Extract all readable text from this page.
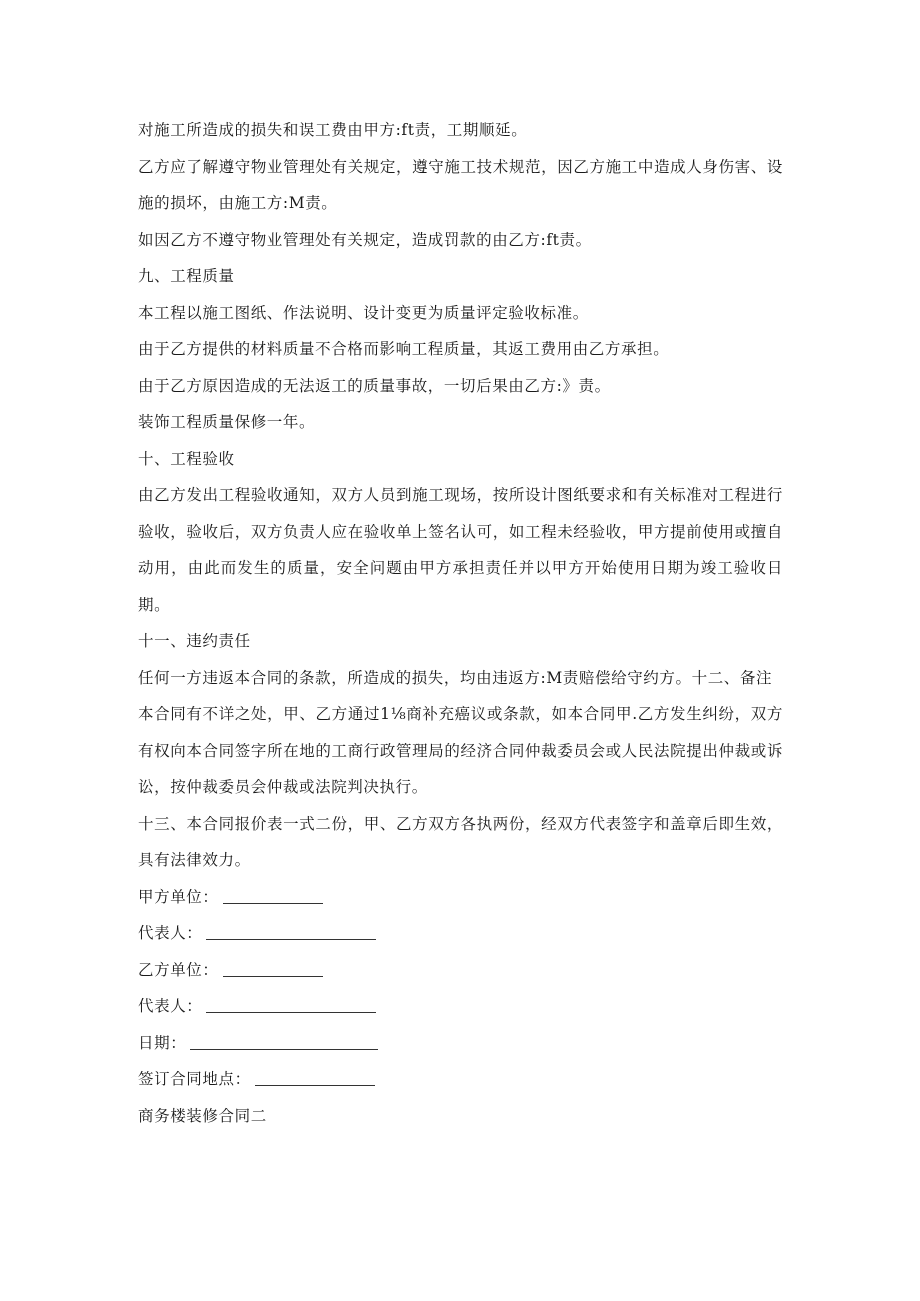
对施工所造成的损失和误工费由甲方:ft责，工期顺延。

乙方应了解遵守物业管理处有关规定，遵守施工技术规范，因乙方施工中造成人身伤害、设施的损坏，由施工方:M责。

如因乙方不遵守物业管理处有关规定，造成罚款的由乙方:ft责。

九、工程质量

本工程以施工图纸、作法说明、设计变更为质量评定验收标准。

由于乙方提供的材料质量不合格而影响工程质量，其返工费用由乙方承担。

由于乙方原因造成的无法返工的质量事故，一切后果由乙方:》责。

装饰工程质量保修一年。

十、工程验收

由乙方发出工程验收通知，双方人员到施工现场，按所设计图纸要求和有关标准对工程进行验收，验收后，双方负责人应在验收单上签名认可，如工程未经验收，甲方提前使用或擅自动用，由此而发生的质量，安全问题由甲方承担责任并以甲方开始使用日期为竣工验收日期。

十一、违约责任

任何一方违返本合同的条款，所造成的损失，均由违返方:M责赔偿给守约方。十二、备注

本合同有不详之处，甲、乙方通过1⅛商补充癌议或条款，如本合同甲.乙方发生纠纷，双方有权向本合同签字所在地的工商行政管理局的经济合同仲裁委员会或人民法院提出仲裁或诉讼，按仲裁委员会仲裁或法院判决执行。

十三、本合同报价表一式二份，甲、乙方双方各执两份，经双方代表签字和盖章后即生效，具有法律效力。

甲方单位：
代表人：
乙方单位：
代表人：
日期：
签订合同地点：

商务楼装修合同二
